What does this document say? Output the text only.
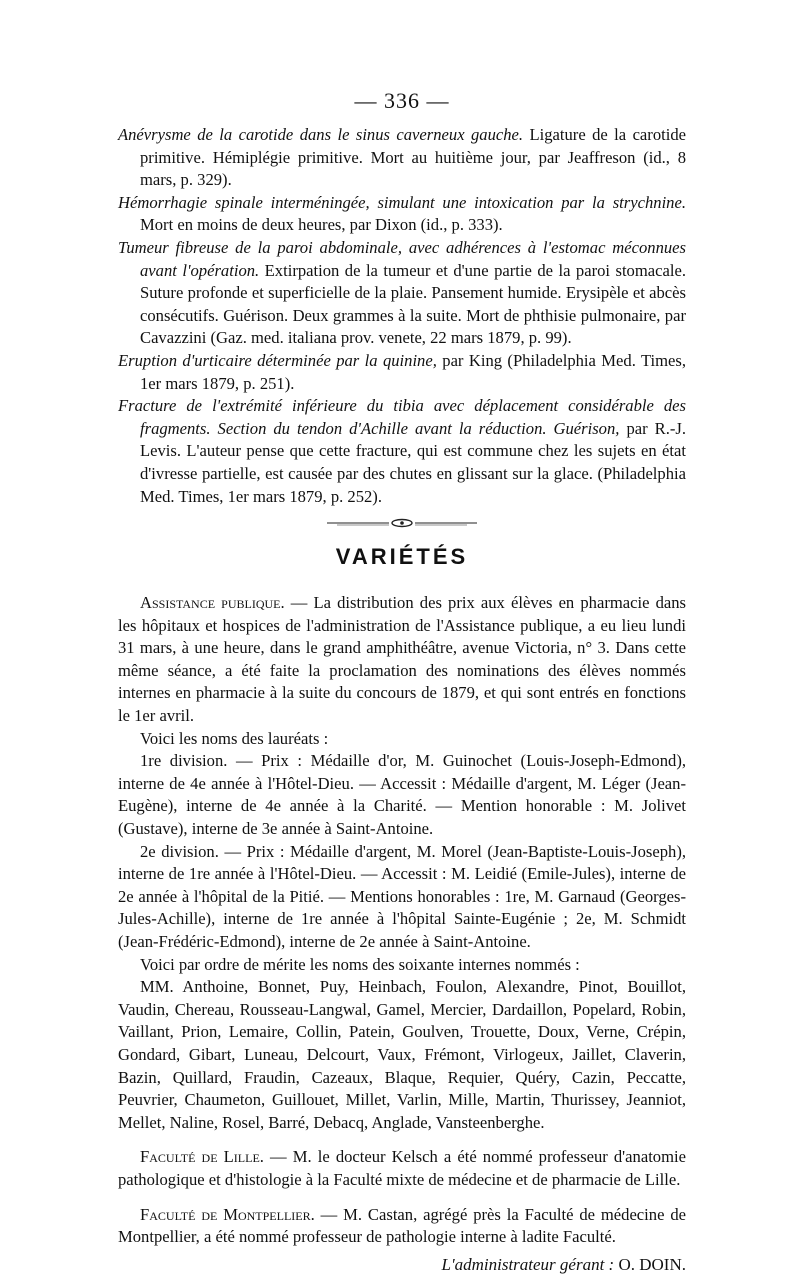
— 336 —

Anévrysme de la carotide dans le sinus caverneux gauche. Ligature de la carotide primitive. Hémiplégie primitive. Mort au huitième jour, par Jeaffreson (id., 8 mars, p. 329).

Hémorrhagie spinale interméningée, simulant une intoxication par la strychnine. Mort en moins de deux heures, par Dixon (id., p. 333).

Tumeur fibreuse de la paroi abdominale, avec adhérences à l'estomac méconnues avant l'opération. Extirpation de la tumeur et d'une partie de la paroi stomacale. Suture profonde et superficielle de la plaie. Pansement humide. Erysipèle et abcès consécutifs. Guérison. Deux grammes à la suite. Mort de phthisie pulmonaire, par Cavazzini (Gaz. med. italiana prov. venete, 22 mars 1879, p. 99).

Eruption d'urticaire déterminée par la quinine, par King (Philadelphia Med. Times, 1er mars 1879, p. 251).

Fracture de l'extrémité inférieure du tibia avec déplacement considérable des fragments. Section du tendon d'Achille avant la réduction. Guérison, par R.-J. Levis. L'auteur pense que cette fracture, qui est commune chez les sujets en état d'ivresse partielle, est causée par des chutes en glissant sur la glace. (Philadelphia Med. Times, 1er mars 1879, p. 252).

VARIÉTÉS

Assistance publique. — La distribution des prix aux élèves en pharmacie dans les hôpitaux et hospices de l'administration de l'Assistance publique, a eu lieu lundi 31 mars, à une heure, dans le grand amphithéâtre, avenue Victoria, n° 3. Dans cette même séance, a été faite la proclamation des nominations des élèves nommés internes en pharmacie à la suite du concours de 1879, et qui sont entrés en fonctions le 1er avril.

Voici les noms des lauréats :

1re division. — Prix : Médaille d'or, M. Guinochet (Louis-Joseph-Edmond), interne de 4e année à l'Hôtel-Dieu. — Accessit : Médaille d'argent, M. Léger (Jean-Eugène), interne de 4e année à la Charité. — Mention honorable : M. Jolivet (Gustave), interne de 3e année à Saint-Antoine.

2e division. — Prix : Médaille d'argent, M. Morel (Jean-Baptiste-Louis-Joseph), interne de 1re année à l'Hôtel-Dieu. — Accessit : M. Leidié (Emile-Jules), interne de 2e année à l'hôpital de la Pitié. — Mentions honorables : 1re, M. Garnaud (Georges-Jules-Achille), interne de 1re année à l'hôpital Sainte-Eugénie ; 2e, M. Schmidt (Jean-Frédéric-Edmond), interne de 2e année à Saint-Antoine.

Voici par ordre de mérite les noms des soixante internes nommés :

MM. Anthoine, Bonnet, Puy, Heinbach, Foulon, Alexandre, Pinot, Bouillot, Vaudin, Chereau, Rousseau-Langwal, Gamel, Mercier, Dardaillon, Popelard, Robin, Vaillant, Prion, Lemaire, Collin, Patein, Goulven, Trouette, Doux, Verne, Crépin, Gondard, Gibart, Luneau, Delcourt, Vaux, Frémont, Virlogeux, Jaillet, Claverin, Bazin, Quillard, Fraudin, Cazeaux, Blaque, Requier, Quéry, Cazin, Peccatte, Peuvrier, Chaumeton, Guillouet, Millet, Varlin, Mille, Martin, Thurissey, Jeanniot, Mellet, Naline, Rosel, Barré, Debacq, Anglade, Vansteenberghe.

Faculté de Lille. — M. le docteur Kelsch a été nommé professeur d'anatomie pathologique et d'histologie à la Faculté mixte de médecine et de pharmacie de Lille.

Faculté de Montpellier. — M. Castan, agrégé près la Faculté de médecine de Montpellier, a été nommé professeur de pathologie interne à ladite Faculté.

L'administrateur gérant : O. DOIN.
